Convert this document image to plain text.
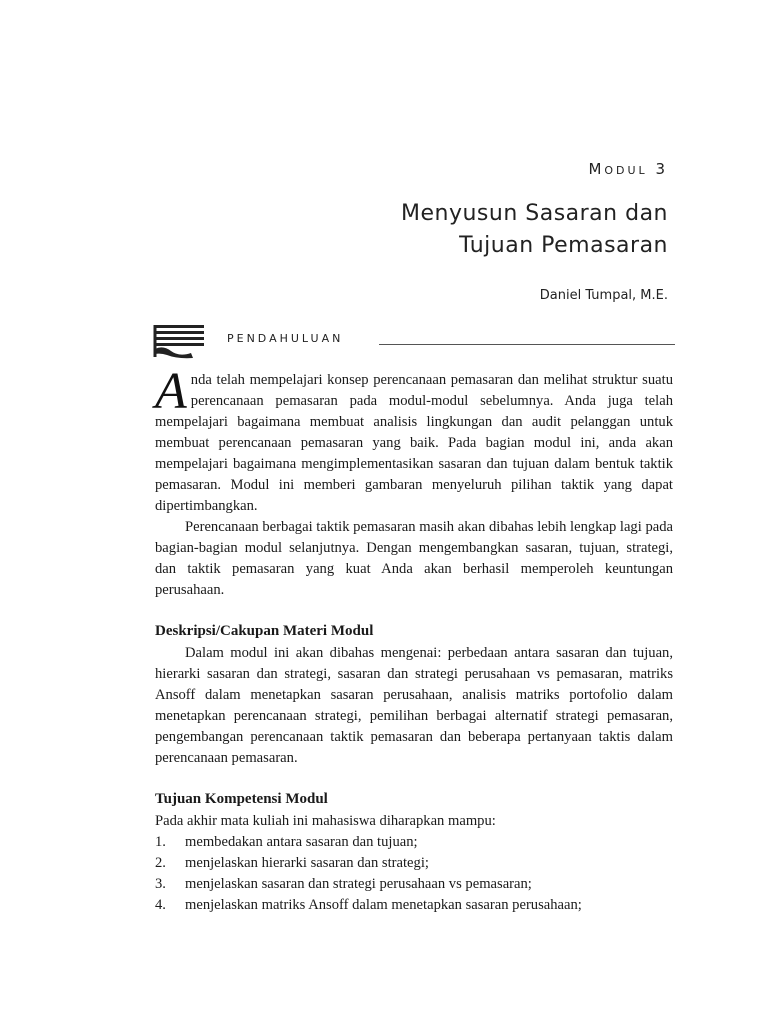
Modul 3
Menyusun Sasaran dan
Tujuan Pemasaran
Daniel Tumpal, M.E.
PENDAHULUAN

Anda telah mempelajari konsep perencanaan pemasaran dan melihat struktur suatu perencanaan pemasaran pada modul-modul sebelumnya. Anda juga telah mempelajari bagaimana membuat analisis lingkungan dan audit pelanggan untuk membuat perencanaan pemasaran yang baik. Pada bagian modul ini, anda akan mempelajari bagaimana mengimplementasikan sasaran dan tujuan dalam bentuk taktik pemasaran. Modul ini memberi gambaran menyeluruh pilihan taktik yang dapat dipertimbangkan.

Perencanaan berbagai taktik pemasaran masih akan dibahas lebih lengkap lagi pada bagian-bagian modul selanjutnya. Dengan mengembangkan sasaran, tujuan, strategi, dan taktik pemasaran yang kuat Anda akan berhasil memperoleh keuntungan perusahaan.

Deskripsi/Cakupan Materi Modul

Dalam modul ini akan dibahas mengenai: perbedaan antara sasaran dan tujuan, hierarki sasaran dan strategi, sasaran dan strategi perusahaan vs pemasaran, matriks Ansoff dalam menetapkan sasaran perusahaan, analisis matriks portofolio dalam menetapkan perencanaan strategi, pemilihan berbagai alternatif strategi pemasaran, pengembangan perencanaan taktik pemasaran dan beberapa pertanyaan taktis dalam perencanaan pemasaran.

Tujuan Kompetensi Modul

Pada akhir mata kuliah ini mahasiswa diharapkan mampu:

1.	membedakan antara sasaran dan tujuan;
2.	menjelaskan hierarki sasaran dan strategi;
3.	menjelaskan sasaran dan strategi perusahaan vs pemasaran;
4.	menjelaskan matriks Ansoff dalam menetapkan sasaran perusahaan;
